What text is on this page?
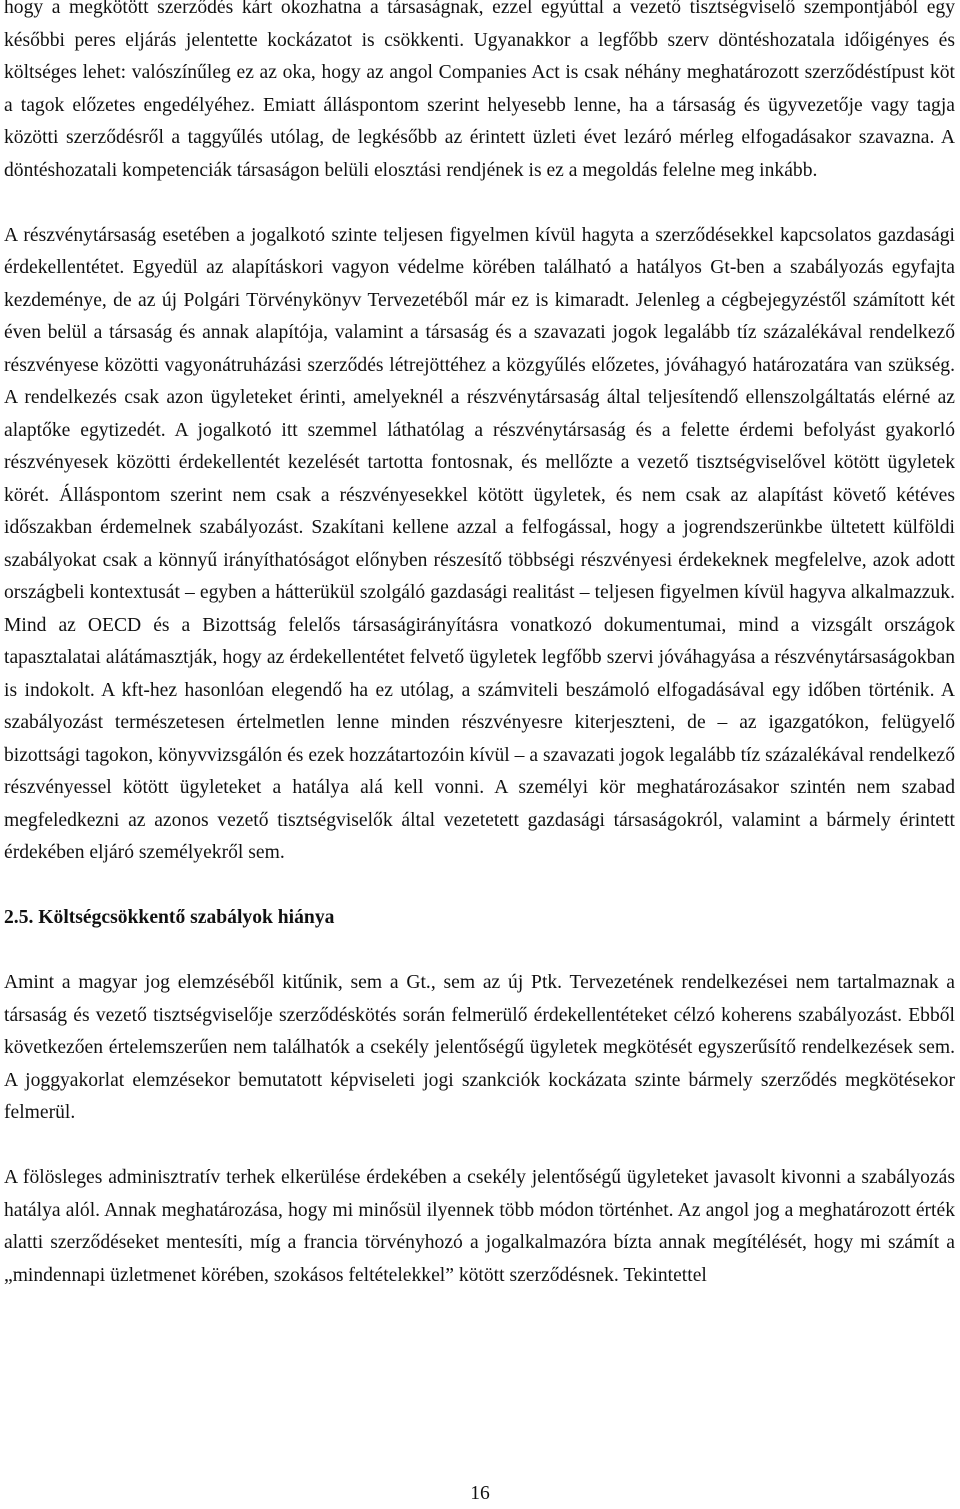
hogy a megkötött szerződés kárt okozhatna a társaságnak, ezzel egyúttal a vezető tisztségviselő szempontjából egy későbbi peres eljárás jelentette kockázatot is csökkenti. Ugyanakkor a legfőbb szerv döntéshozatala időigényes és költséges lehet: valószínűleg ez az oka, hogy az angol Companies Act is csak néhány meghatározott szerződéstípust köt a tagok előzetes engedélyéhez. Emiatt álláspontom szerint helyesebb lenne, ha a társaság és ügyvezetője vagy tagja közötti szerződésről a taggyűlés utólag, de legkésőbb az érintett üzleti évet lezáró mérleg elfogadásakor szavazna. A döntéshozatali kompetenciák társaságon belüli elosztási rendjének is ez a megoldás felelne meg inkább.

A részvénytársaság esetében a jogalkotó szinte teljesen figyelmen kívül hagyta a szerződésekkel kapcsolatos gazdasági érdekellentétet. Egyedül az alapításkori vagyon védelme körében található a hatályos Gt-ben a szabályozás egyfajta kezdeménye, de az új Polgári Törvénykönyv Tervezetéből már ez is kimaradt. Jelenleg a cégbejegyzéstől számított két éven belül a társaság és annak alapítója, valamint a társaság és a szavazati jogok legalább tíz százalékával rendelkező részvényese közötti vagyonátruházási szerződés létrejöttéhez a közgyűlés előzetes, jóváhagyó határozatára van szükség. A rendelkezés csak azon ügyleteket érinti, amelyeknél a részvénytársaság által teljesítendő ellenszolgáltatás elérné az alaptőke egytizedét. A jogalkotó itt szemmel láthatólag a részvénytársaság és a felette érdemi befolyást gyakorló részvényesek közötti érdekellentét kezelését tartotta fontosnak, és mellőzte a vezető tisztségviselővel kötött ügyletek körét. Álláspontom szerint nem csak a részvényesekkel kötött ügyletek, és nem csak az alapítást követő kétéves időszakban érdemelnek szabályozást. Szakítani kellene azzal a felfogással, hogy a jogrendszerünkbe ültetett külföldi szabályokat csak a könnyű irányíthatóságot előnyben részesítő többségi részvényesi érdekeknek megfelelve, azok adott országbeli kontextusát – egyben a hátterükül szolgáló gazdasági realitást – teljesen figyelmen kívül hagyva alkalmazzuk. Mind az OECD és a Bizottság felelős társaságirányításra vonatkozó dokumentumai, mind a vizsgált országok tapasztalatai alátámasztják, hogy az érdekellentétet felvető ügyletek legfőbb szervi jóváhagyása a részvénytársaságokban is indokolt. A kft-hez hasonlóan elegendő ha ez utólag, a számviteli beszámoló elfogadásával egy időben történik. A szabályozást természetesen értelmetlen lenne minden részvényesre kiterjeszteni, de – az igazgatókon, felügyelő bizottsági tagokon, könyvvizsgálón és ezek hozzátartozóin kívül – a szavazati jogok legalább tíz százalékával rendelkező részvényessel kötött ügyleteket a hatálya alá kell vonni. A személyi kör meghatározásakor szintén nem szabad megfeledkezni az azonos vezető tisztségviselők által vezetetett gazdasági társaságokról, valamint a bármely érintett érdekében eljáró személyekről sem.

2.5. Költségcsökkentő szabályok hiánya

Amint a magyar jog elemzéséből kitűnik, sem a Gt., sem az új Ptk. Tervezetének rendelkezései nem tartalmaznak a társaság és vezető tisztségviselője szerződéskötés során felmerülő érdekellentéteket célzó koherens szabályozást. Ebből következően értelemszerűen nem találhatók a csekély jelentőségű ügyletek megkötését egyszerűsítő rendelkezések sem. A joggyakorlat elemzésekor bemutatott képviseleti jogi szankciók kockázata szinte bármely szerződés megkötésekor felmerül.

A fölösleges adminisztratív terhek elkerülése érdekében a csekély jelentőségű ügyleteket javasolt kivonni a szabályozás hatálya alól. Annak meghatározása, hogy mi minősül ilyennek több módon történhet. Az angol jog a meghatározott érték alatti szerződéseket mentesíti, míg a francia törvényhozó a jogalkalmazóra bízta annak megítélését, hogy mi számít a „mindennapi üzletmenet körében, szokásos feltételekkel” kötött szerződésnek. Tekintettel

16
